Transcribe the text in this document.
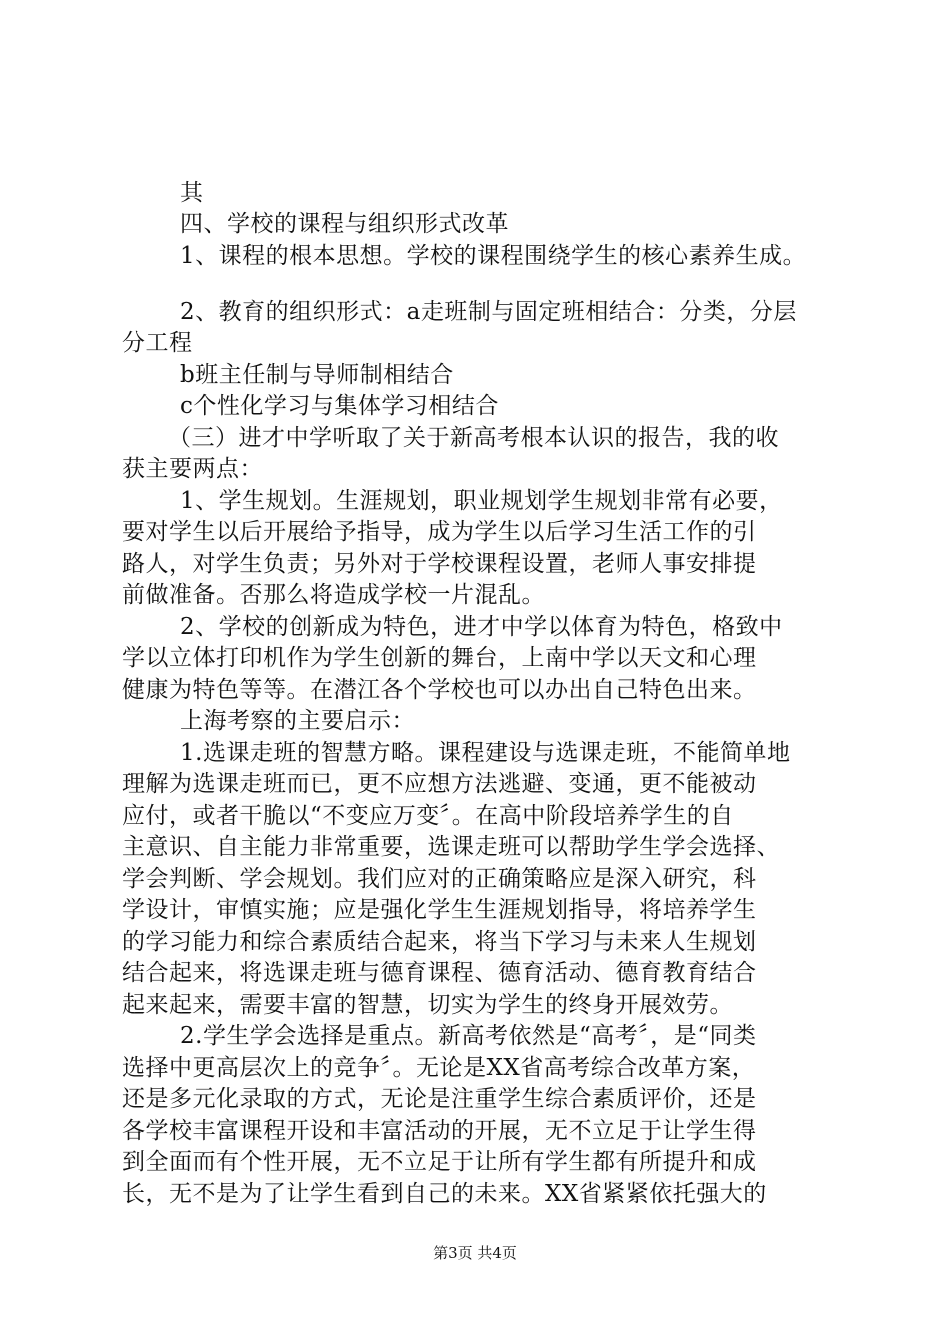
其
四、学校的课程与组织形式改革
1、课程的根本思想。学校的课程围绕学生的核心素养生成。
2、教育的组织形式：a走班制与固定班相结合：分类，分层
分工程
b班主任制与导师制相结合
c个性化学习与集体学习相结合
（三）进才中学听取了关于新高考根本认识的报告，我的收
获主要两点：
1、学生规划。生涯规划，职业规划学生规划非常有必要，
要对学生以后开展给予指导，成为学生以后学习生活工作的引
路人，对学生负责；另外对于学校课程设置，老师人事安排提
前做准备。否那么将造成学校一片混乱。
2、学校的创新成为特色，进才中学以体育为特色，格致中
学以立体打印机作为学生创新的舞台，上南中学以天文和心理
健康为特色等等。在潜江各个学校也可以办出自己特色出来。
上海考察的主要启示：
1.选课走班的智慧方略。课程建设与选课走班，不能简单地
理解为选课走班而已，更不应想方法逃避、变通，更不能被动
应付，或者干脆以“不变应万变〞。在高中阶段培养学生的自
主意识、自主能力非常重要，选课走班可以帮助学生学会选择、
学会判断、学会规划。我们应对的正确策略应是深入研究，科
学设计，审慎实施；应是强化学生生涯规划指导，将培养学生
的学习能力和综合素质结合起来，将当下学习与未来人生规划
结合起来，将选课走班与德育课程、德育活动、德育教育结合
起来起来，需要丰富的智慧，切实为学生的终身开展效劳。
2.学生学会选择是重点。新高考依然是“高考〞，是“同类
选择中更高层次上的竞争〞。无论是XX省高考综合改革方案，
还是多元化录取的方式，无论是注重学生综合素质评价，还是
各学校丰富课程开设和丰富活动的开展，无不立足于让学生得
到全面而有个性开展，无不立足于让所有学生都有所提升和成
长，无不是为了让学生看到自己的未来。XX省紧紧依托强大的
第3页 共4页
